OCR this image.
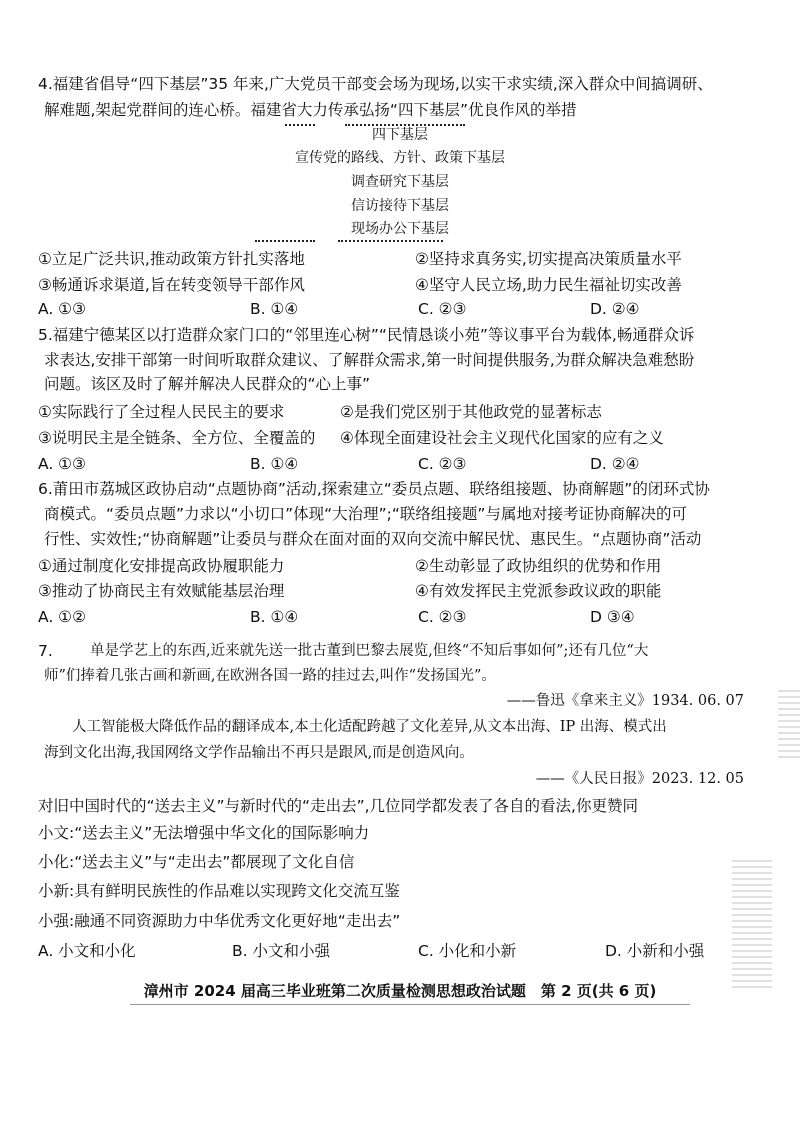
4.福建省倡导“四下基层”35 年来,广大党员干部变会场为现场,以实干求实绩,深入群众中间搞调研、
解难题,架起党群间的连心桥。福建省大力传承弘扬“四下基层”优良作风的举措
四下基层
宣传党的路线、方针、政策下基层
调查研究下基层
信访接待下基层
现场办公下基层
①立足广泛共识,推动政策方针扎实落地	②坚持求真务实,切实提高决策质量水平
③畅通诉求渠道,旨在转变领导干部作风	④坚守人民立场,助力民生福祉切实改善
A. ①③	B. ①④	C. ②③	D. ②④
5.福建宁德某区以打造群众家门口的“邻里连心树”“民情恳谈小苑”等议事平台为载体,畅通群众诉
求表达,安排干部第一时间听取群众建议、了解群众需求,第一时间提供服务,为群众解决急难愁盼
问题。该区及时了解并解决人民群众的“心上事”
①实际践行了全过程人民民主的要求	②是我们党区别于其他政党的显著标志
③说明民主是全链条、全方位、全覆盖的 ④体现全面建设社会主义现代化国家的应有之义
A. ①③	B. ①④	C. ②③	D. ②④
6.莆田市荔城区政协启动“点题协商”活动,探索建立“委员点题、联络组接题、协商解题”的闭环式协
商模式。“委员点题”力求以“小切口”体现“大治理”;“联络组接题”与属地对接考证协商解决的可
行性、实效性;“协商解题”让委员与群众在面对面的双向交流中解民忧、惠民生。“点题协商”活动
①通过制度化安排提高政协履职能力	②生动彰显了政协组织的优势和作用
③推动了协商民主有效赋能基层治理	④有效发挥民主党派参政议政的职能
A. ①②	B. ①④	C. ②③	D ③④
7.	单是学艺上的东西,近来就先送一批古董到巴黎去展览,但终“不知后事如何”;还有几位“大
师”们捧着几张古画和新画,在欧洲各国一路的挂过去,叫作“发扬国光”。
——鲁迅《拿来主义》1934. 06. 07
人工智能极大降低作品的翻译成本,本土化适配跨越了文化差异,从文本出海、IP 出海、模式出
海到文化出海,我国网络文学作品输出不再只是跟风,而是创造风向。
——《人民日报》2023. 12. 05
对旧中国时代的“送去主义”与新时代的“走出去”,几位同学都发表了各自的看法,你更赞同
小文:“送去主义”无法增强中华文化的国际影响力
小化:“送去主义”与“走出去”都展现了文化自信
小新:具有鲜明民族性的作品难以实现跨文化交流互鉴
小强:融通不同资源助力中华优秀文化更好地“走出去”
A. 小文和小化	B. 小文和小强	C. 小化和小新	D. 小新和小强
漳州市 2024 届高三毕业班第二次质量检测思想政治试题　第 2 页(共 6 页)
